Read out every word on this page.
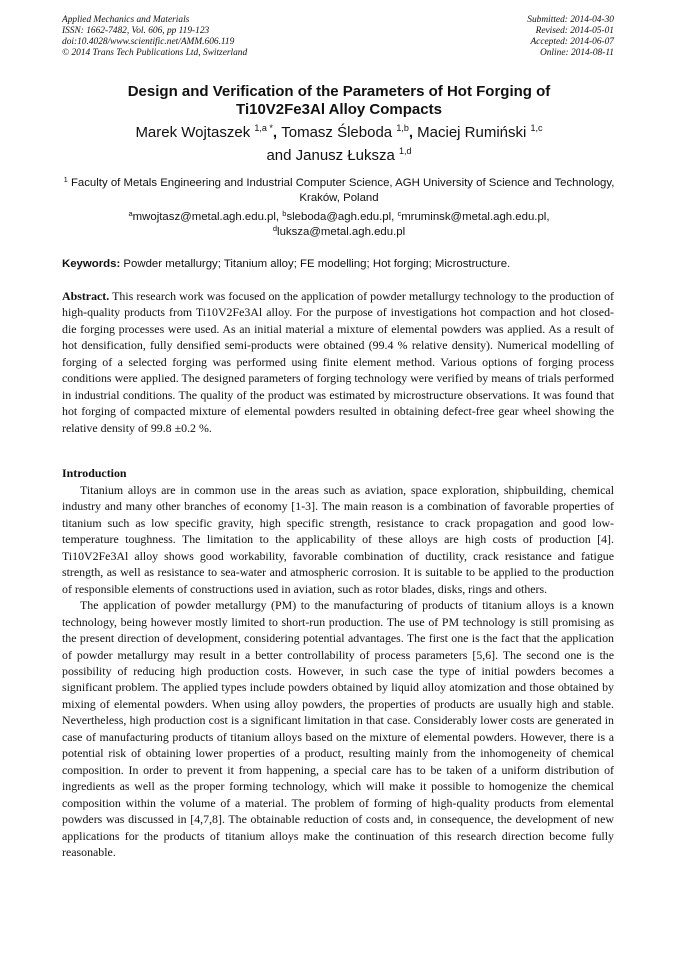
Applied Mechanics and Materials
ISSN: 1662-7482, Vol. 606, pp 119-123
doi:10.4028/www.scientific.net/AMM.606.119
© 2014 Trans Tech Publications Ltd, Switzerland
Submitted: 2014-04-30
Revised: 2014-05-01
Accepted: 2014-06-07
Online: 2014-08-11
Design and Verification of the Parameters of Hot Forging of
Ti10V2Fe3Al Alloy Compacts
Marek Wojtaszek $^{1,a *}$, Tomasz Śleboda $^{1,b}$, Maciej Rumiński $^{1,c}$
and Janusz Łuksza $^{1,d}$
$^1$ Faculty of Metals Engineering and Industrial Computer Science, AGH University of Science and Technology, Kraków, Poland
$^a$mwojtasz@metal.agh.edu.pl, $^b$sleboda@agh.edu.pl, $^c$mruminsk@metal.agh.edu.pl,
$^d$luksza@metal.agh.edu.pl
Keywords: Powder metallurgy; Titanium alloy; FE modelling; Hot forging; Microstructure.
Abstract. This research work was focused on the application of powder metallurgy technology to the production of high-quality products from Ti10V2Fe3Al alloy. For the purpose of investigations hot compaction and hot closed-die forging processes were used. As an initial material a mixture of elemental powders was applied. As a result of hot densification, fully densified semi-products were obtained (99.4 % relative density). Numerical modelling of forging of a selected forging was performed using finite element method. Various options of forging process conditions were applied. The designed parameters of forging technology were verified by means of trials performed in industrial conditions. The quality of the product was estimated by microstructure observations. It was found that hot forging of compacted mixture of elemental powders resulted in obtaining defect-free gear wheel showing the relative density of 99.8 ±0.2 %.
Introduction

Titanium alloys are in common use in the areas such as aviation, space exploration, shipbuilding, chemical industry and many other branches of economy [1-3]. The main reason is a combination of favorable properties of titanium such as low specific gravity, high specific strength, resistance to crack propagation and good low-temperature toughness. The limitation to the applicability of these alloys are high costs of production [4]. Ti10V2Fe3Al alloy shows good workability, favorable combination of ductility, crack resistance and fatigue strength, as well as resistance to sea-water and atmospheric corrosion. It is suitable to be applied to the production of responsible elements of constructions used in aviation, such as rotor blades, disks, rings and others.

The application of powder metallurgy (PM) to the manufacturing of products of titanium alloys is a known technology, being however mostly limited to short-run production. The use of PM technology is still promising as the present direction of development, considering potential advantages. The first one is the fact that the application of powder metallurgy may result in a better controllability of process parameters [5,6]. The second one is the possibility of reducing high production costs. However, in such case the type of initial powders becomes a significant problem. The applied types include powders obtained by liquid alloy atomization and those obtained by mixing of elemental powders. When using alloy powders, the properties of products are usually high and stable. Nevertheless, high production cost is a significant limitation in that case. Considerably lower costs are generated in case of manufacturing products of titanium alloys based on the mixture of elemental powders. However, there is a potential risk of obtaining lower properties of a product, resulting mainly from the inhomogeneity of chemical composition. In order to prevent it from happening, a special care has to be taken of a uniform distribution of ingredients as well as the proper forming technology, which will make it possible to homogenize the chemical composition within the volume of a material. The problem of forming of high-quality products from elemental powders was discussed in [4,7,8]. The obtainable reduction of costs and, in consequence, the development of new applications for the products of titanium alloys make the continuation of this research direction become fully reasonable.
